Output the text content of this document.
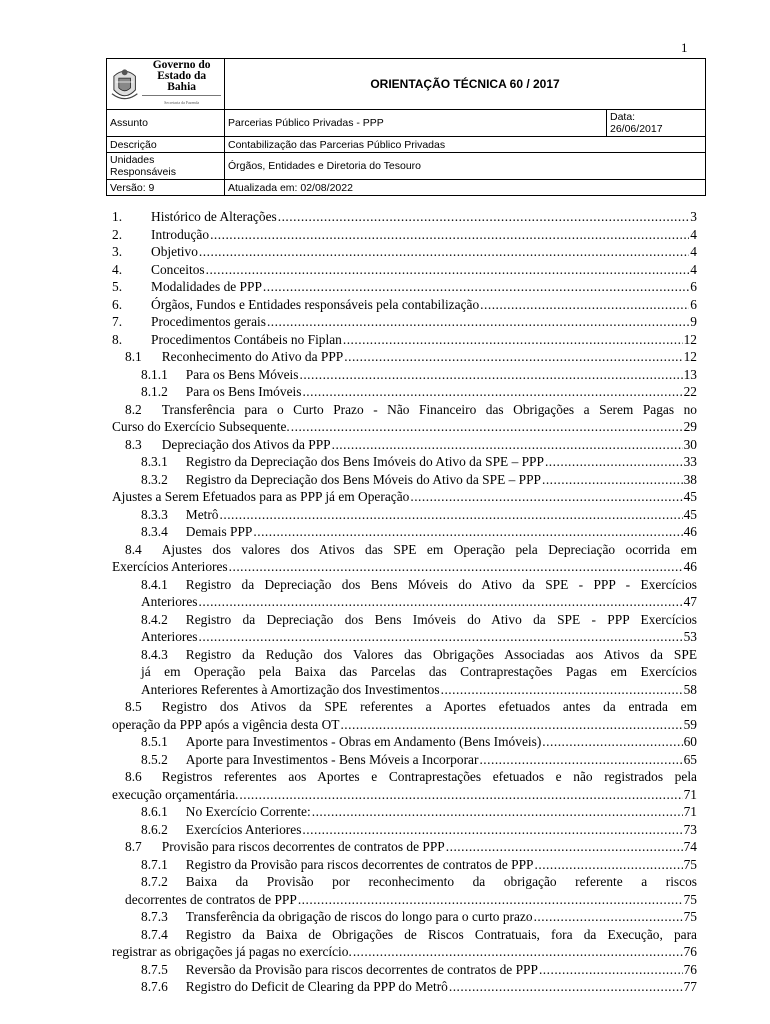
1
Governo do
Estado da Bahia
Secretaria da Fazenda	ORIENTAÇÃO TÉCNICA 60 / 2017	
Assunto	Parcerias Público Privadas - PPP	Data:
26/06/2017

Descrição	Contabilização das Parcerias Público Privadas	

Unidades
Responsáveis	Órgãos, Entidades e Diretoria do Tesouro	
Versão: 9	Atualizada em: 02/08/2022	
1. Histórico de Alterações .....	3
2. Introdução .....	4
3. Objetivo .....	4
4. Conceitos .....	4
5. Modalidades de PPP .....	6
6. Órgãos, Fundos e Entidades responsáveis pela contabilização .....	6
7. Procedimentos gerais .....	9
8. Procedimentos Contábeis no Fiplan .....	12
8.1 Reconhecimento do Ativo da PPP .....	12
8.1.1 Para os Bens Móveis .....	13
8.1.2 Para os Bens Imóveis .....	22
8.2 Transferência para o Curto Prazo - Não Financeiro das Obrigações a Serem Pagas no
Curso do Exercício Subsequente. .....	29
8.3 Depreciação dos Ativos da PPP .....	30
8.3.1 Registro da Depreciação dos Bens Imóveis do Ativo da SPE – PPP .....	33
8.3.2 Registro da Depreciação dos Bens Móveis do Ativo da SPE – PPP .....	38
Ajustes a Serem Efetuados para as PPP já em Operação .....	45
8.3.3 Metrô .....	45
8.3.4 Demais PPP .....	46
8.4 Ajustes dos valores dos Ativos das SPE em Operação pela Depreciação ocorrida em
Exercícios Anteriores .....	46
8.4.1 Registro da Depreciação dos Bens Móveis do Ativo da SPE - PPP - Exercícios
Anteriores .....	47
8.4.2 Registro da Depreciação dos Bens Imóveis do Ativo da SPE - PPP Exercícios
Anteriores .....	53
8.4.3 Registro da Redução dos Valores das Obrigações Associadas aos Ativos da SPE
já em Operação pela Baixa das Parcelas das Contraprestações Pagas em Exercícios
Anteriores Referentes à Amortização dos Investimentos .....	58
8.5 Registro dos Ativos da SPE referentes a Aportes efetuados antes da entrada em
operação da PPP após a vigência desta OT .....	59
8.5.1 Aporte para Investimentos - Obras em Andamento (Bens Imóveis) .....	60
8.5.2 Aporte para Investimentos - Bens Móveis a Incorporar .....	65
8.6 Registros referentes aos Aportes e Contraprestações efetuados e não registrados pela
execução orçamentária. .....	71
8.6.1 No Exercício Corrente: .....	71
8.6.2 Exercícios Anteriores .....	73
8.7 Provisão para riscos decorrentes de contratos de PPP .....	74
8.7.1 Registro da Provisão para riscos decorrentes de contratos de PPP .....	75
8.7.2 Baixa da Provisão por reconhecimento da obrigação referente a riscos
decorrentes de contratos de PPP .....	75
8.7.3 Transferência da obrigação de riscos do longo para o curto prazo .....	75
8.7.4 Registro da Baixa de Obrigações de Riscos Contratuais, fora da Execução, para
registrar as obrigações já pagas no exercício. .....	76
8.7.5 Reversão da Provisão para riscos decorrentes de contratos de PPP .....	76
8.7.6 Registro do Deficit de Clearing da PPP do Metrô .....	77
